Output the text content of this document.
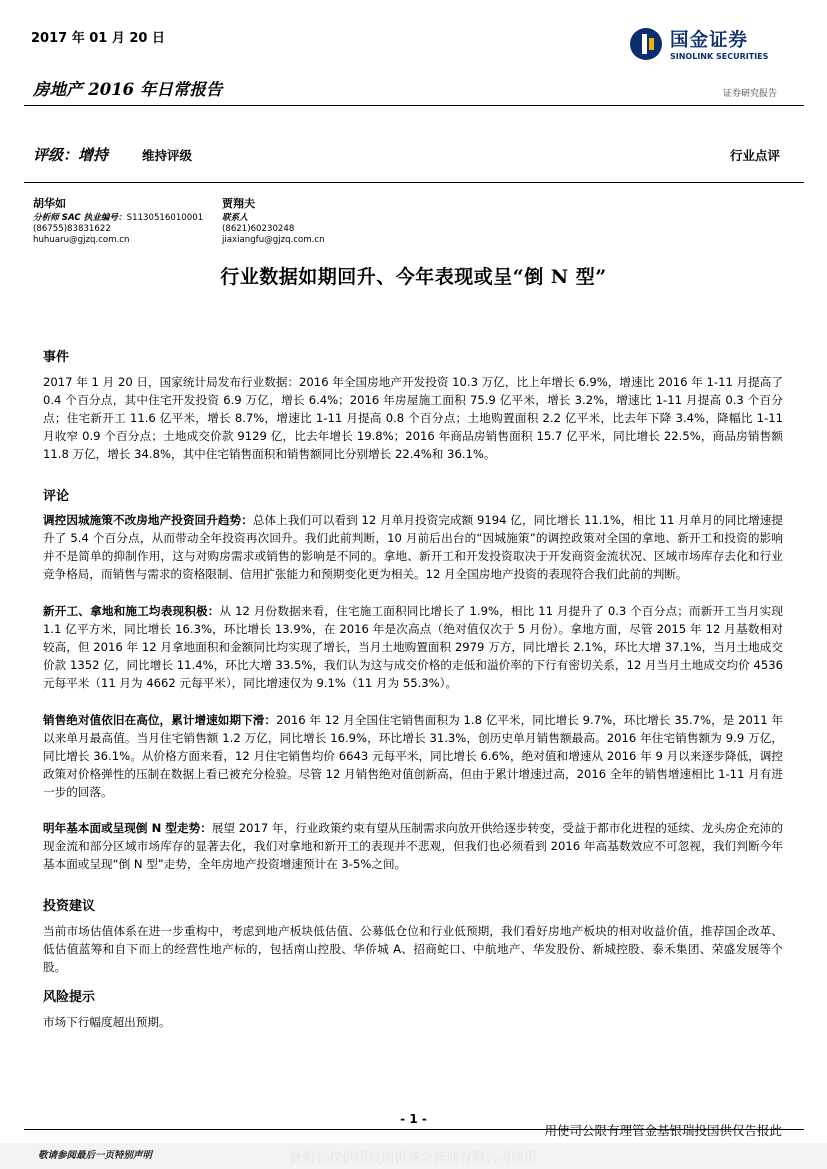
2017 年 01 月 20 日
房地产 2016 年日常报告	证券研究报告
国金证券
SINOLINK SECURITIES
评级：增持	维持评级	行业点评
胡华如
分析师 SAC 执业编号：S1130516010001
(86755)83831622
huhuaru@gjzq.com.cn
贾翔夫
联系人
(8621)60230248
jiaxiangfu@gjzq.com.cn
行业数据如期回升、今年表现或呈“倒 N 型”
事件
2017 年 1 月 20 日，国家统计局发布行业数据：2016 年全国房地产开发投资 10.3 万亿，比上年增长 6.9%，增速比 2016 年 1-11 月提高了 0.4 个百分点，其中住宅开发投资 6.9 万亿，增长 6.4%；2016 年房屋施工面积 75.9 亿平米，增长 3.2%，增速比 1-11 月提高 0.3 个百分点；住宅新开工 11.6 亿平米，增长 8.7%，增速比 1-11 月提高 0.8 个百分点；土地购置面积 2.2 亿平米，比去年下降 3.4%，降幅比 1-11 月收窄 0.9 个百分点；土地成交价款 9129 亿，比去年增长 19.8%；2016 年商品房销售面积 15.7 亿平米，同比增长 22.5%，商品房销售额 11.8 万亿，增长 34.8%，其中住宅销售面积和销售额同比分别增长 22.4%和 36.1%。
评论
调控因城施策不改房地产投资回升趋势：总体上我们可以看到 12 月单月投资完成额 9194 亿，同比增长 11.1%，相比 11 月单月的同比增速提升了 5.4 个百分点，从而带动全年投资再次回升。我们此前判断，10 月前后出台的“因城施策”的调控政策对全国的拿地、新开工和投资的影响并不是简单的抑制作用，这与对购房需求或销售的影响是不同的。拿地、新开工和开发投资取决于开发商资金流状况、区域市场库存去化和行业竞争格局，而销售与需求的资格限制、信用扩张能力和预期变化更为相关。12 月全国房地产投资的表现符合我们此前的判断。
新开工、拿地和施工均表现积极：从 12 月份数据来看，住宅施工面积同比增长了 1.9%，相比 11 月提升了 0.3 个百分点；而新开工当月实现 1.1 亿平方米，同比增长 16.3%，环比增长 13.9%，在 2016 年是次高点（绝对值仅次于 5 月份）。拿地方面，尽管 2015 年 12 月基数相对较高，但 2016 年 12 月拿地面积和金额同比均实现了增长，当月土地购置面积 2979 万方，同比增长 2.1%，环比大增 37.1%，当月土地成交价款 1352 亿，同比增长 11.4%，环比大增 33.5%，我们认为这与成交价格的走低和溢价率的下行有密切关系，12 月当月土地成交均价 4536 元每平米（11 月为 4662 元每平米），同比增速仅为 9.1%（11 月为 55.3%）。
销售绝对值依旧在高位，累计增速如期下滑：2016 年 12 月全国住宅销售面积为 1.8 亿平米，同比增长 9.7%，环比增长 35.7%，是 2011 年以来单月最高值。当月住宅销售额 1.2 万亿，同比增长 16.9%，环比增长 31.3%，创历史单月销售额最高。2016 年住宅销售额为 9.9 万亿，同比增长 36.1%。从价格方面来看，12 月住宅销售均价 6643 元每平米，同比增长 6.6%，绝对值和增速从 2016 年 9 月以来逐步降低，调控政策对价格弹性的压制在数据上看已被充分检验。尽管 12 月销售绝对值创新高，但由于累计增速过高，2016 全年的销售增速相比 1-11 月有进一步的回落。
明年基本面或呈现倒 N 型走势：展望 2017 年，行业政策约束有望从压制需求向放开供给逐步转变，受益于都市化进程的延续、龙头房企充沛的现金流和部分区域市场库存的显著去化，我们对拿地和新开工的表现并不悲观，但我们也必须看到 2016 年高基数效应不可忽视，我们判断今年基本面或呈现“倒 N 型”走势，全年房地产投资增速预计在 3-5%之间。
投资建议
当前市场估值体系在进一步重构中，考虑到地产板块低估值、公募低仓位和行业低预期，我们看好房地产板块的相对收益价值，推荐国企改革、低估值蓝筹和自下而上的经营性地产标的，包括南山控股、华侨城 A、招商蛇口、中航地产、华发股份、新城控股、泰禾集团、荣盛发展等个股。
风险提示
市场下行幅度超出预期。
- 1 -
此报告仅供国投瑞银基金管理有限公司使用
敬请参阅最后一页特别声明
用使司公限有理管金基银瑞投国供仅告报此
